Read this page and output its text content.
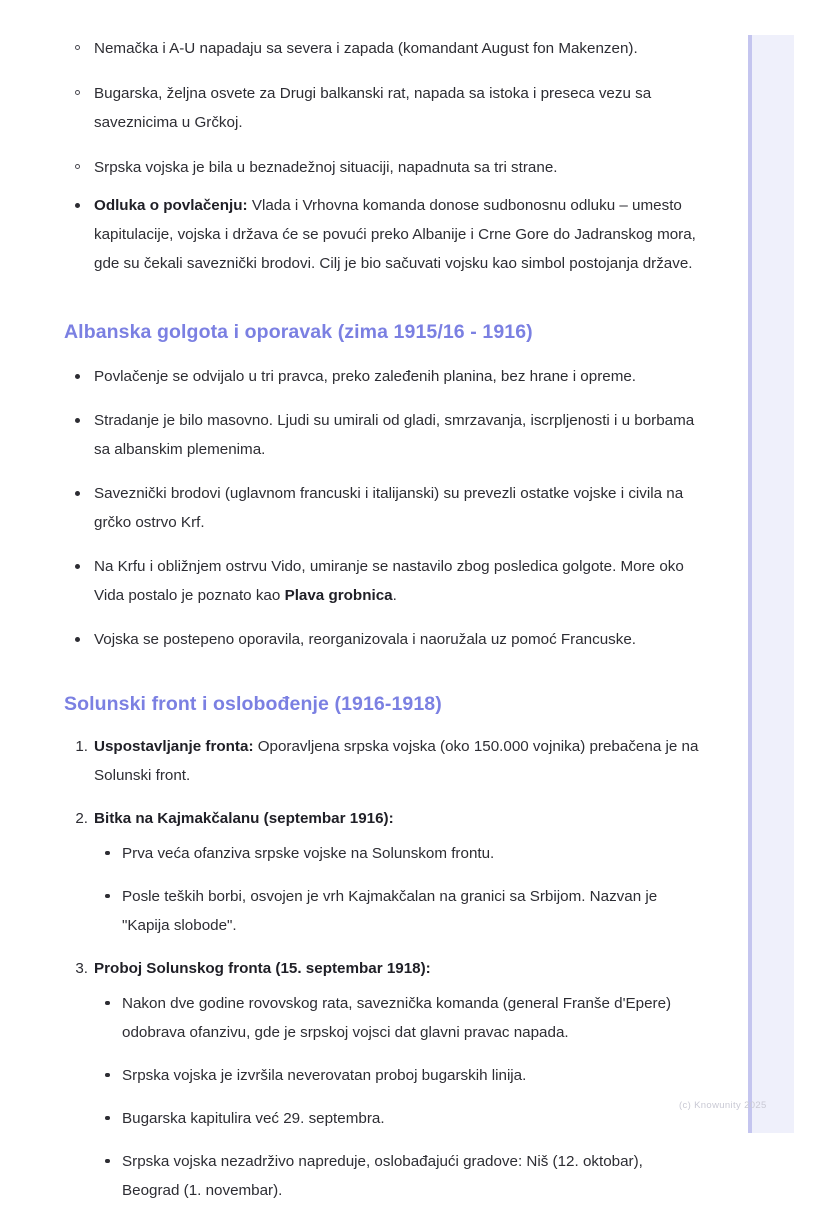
Nemačka i A-U napadaju sa severa i zapada (komandant August fon Makenzen).
Bugarska, željna osvete za Drugi balkanski rat, napada sa istoka i preseca vezu sa saveznicima u Grčkoj.
Srpska vojska je bila u beznadežnoj situaciji, napadnuta sa tri strane.
Odluka o povlačenju: Vlada i Vrhovna komanda donose sudbonosnu odluku – umesto kapitulacije, vojska i država će se povući preko Albanije i Crne Gore do Jadranskog mora, gde su čekali saveznički brodovi. Cilj je bio sačuvati vojsku kao simbol postojanja države.
Albanska golgota i oporavak (zima 1915/16 - 1916)
Povlačenje se odvijalo u tri pravca, preko zaleđenih planina, bez hrane i opreme.
Stradanje je bilo masovno. Ljudi su umirali od gladi, smrzavanja, iscrpljenosti i u borbama sa albanskim plemenima.
Saveznički brodovi (uglavnom francuski i italijanski) su prevezli ostatke vojske i civila na grčko ostrvo Krf.
Na Krfu i obližnjem ostrvu Vido, umiranje se nastavilo zbog posledica golgote. More oko Vida postalo je poznato kao Plava grobnica.
Vojska se postepeno oporavila, reorganizovala i naoružala uz pomoć Francuske.
Solunski front i oslobođenje (1916-1918)
1. Uspostavljanje fronta: Oporavljena srpska vojska (oko 150.000 vojnika) prebačena je na Solunski front.
2. Bitka na Kajmakčalanu (septembar 1916):
Prva veća ofanziva srpske vojske na Solunskom frontu.
Posle teških borbi, osvojen je vrh Kajmakčalan na granici sa Srbijom. Nazvan je "Kapija slobode".
3. Proboj Solunskog fronta (15. septembar 1918):
Nakon dve godine rovovskog rata, saveznička komanda (general Franše d'Epere) odobrava ofanzivu, gde je srpskoj vojsci dat glavni pravac napada.
Srpska vojska je izvršila neverovatan proboj bugarskih linija.
Bugarska kapitulira već 29. septembra.
Srpska vojska nezadrživo napreduje, oslobađajući gradove: Niš (12. oktobar), Beograd (1. novembar).
(c) Knowunity 2025
